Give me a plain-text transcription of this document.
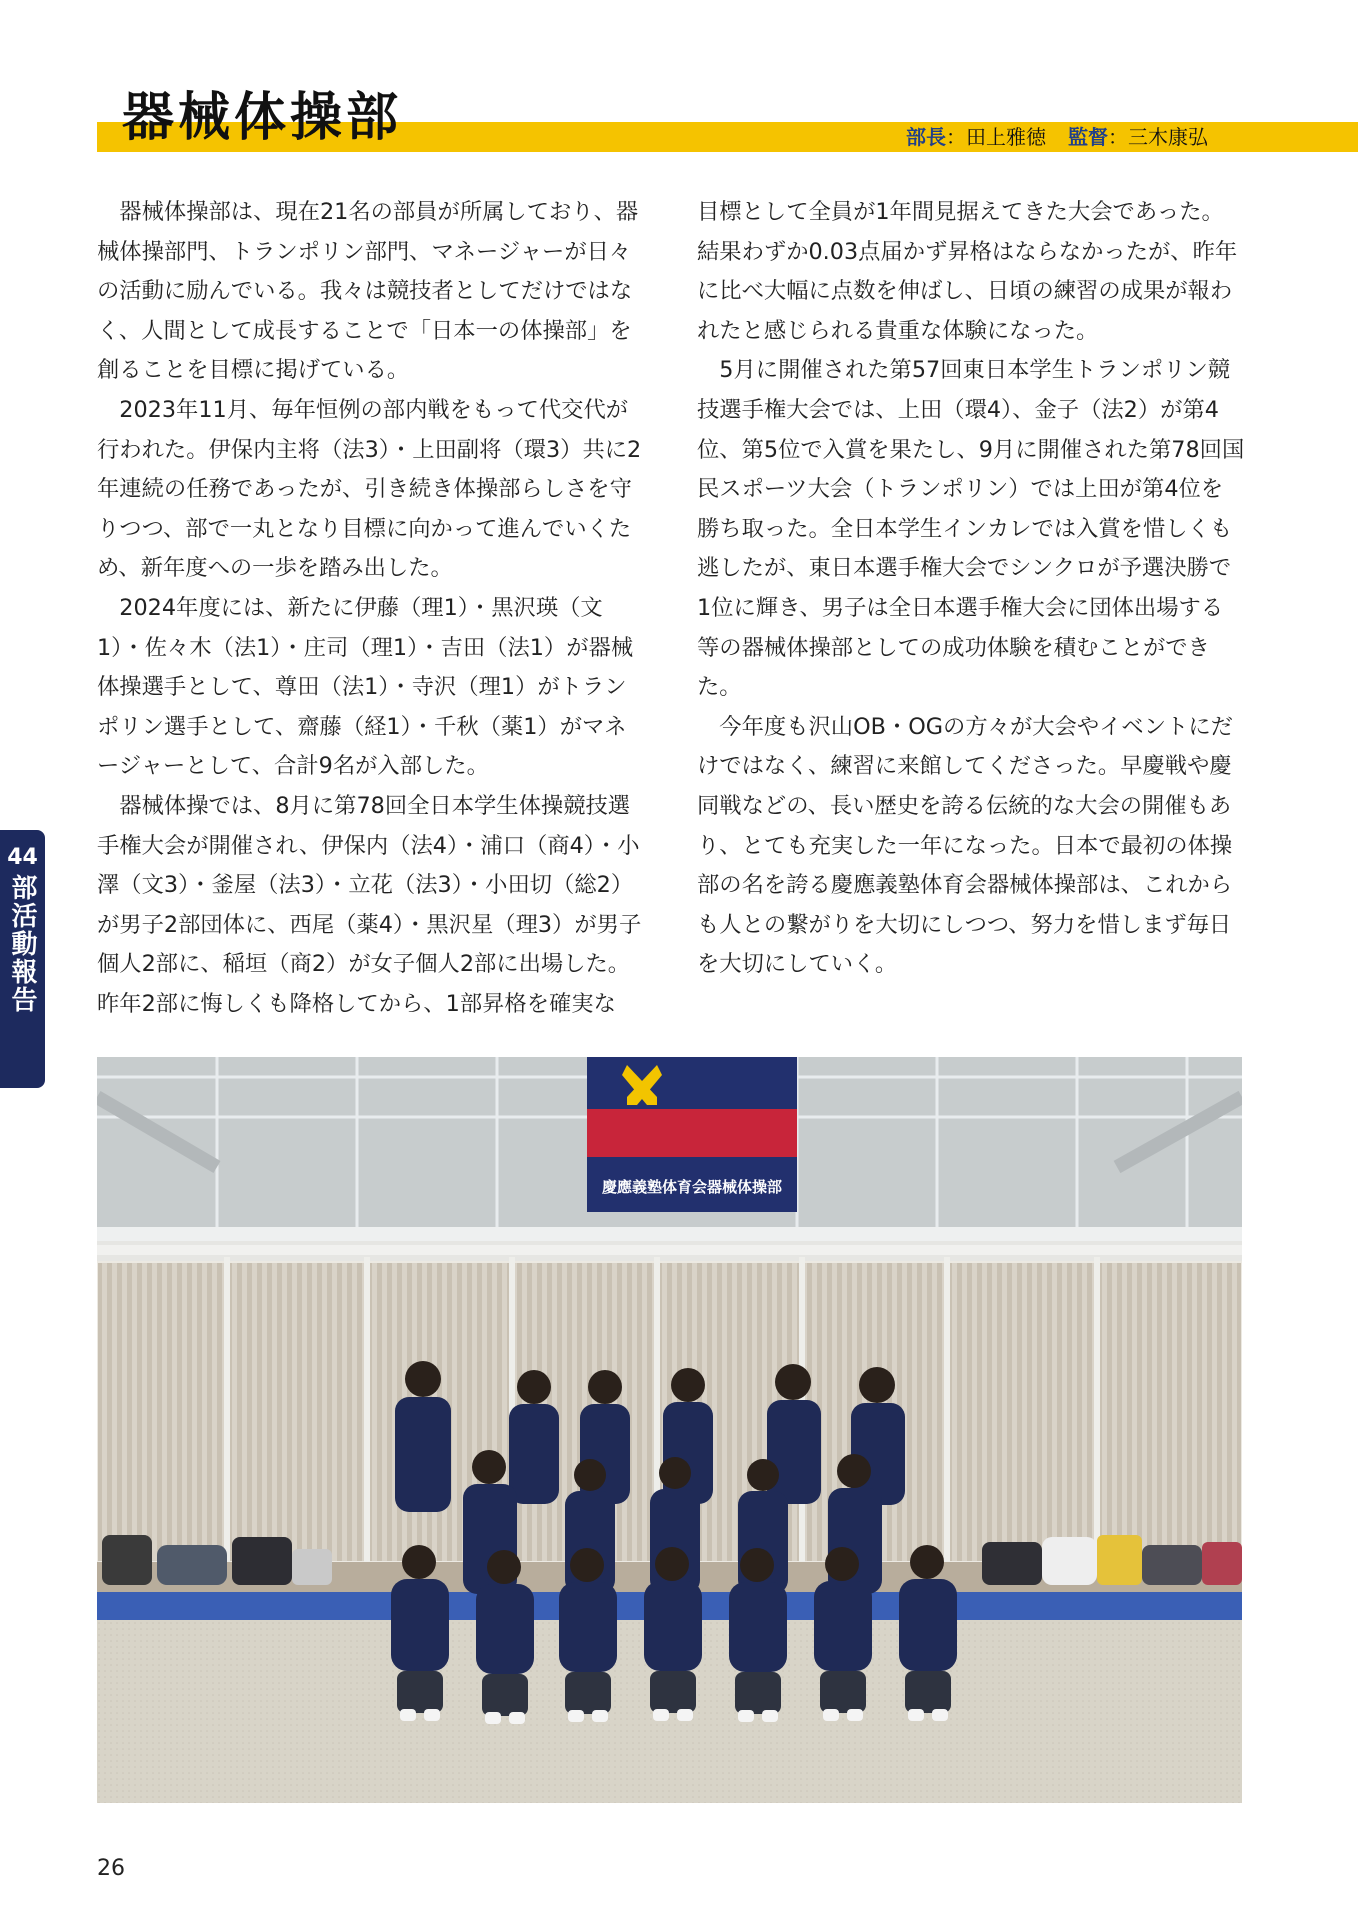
器械体操部	部長：田上雅徳 監督：三木康弘

器械体操部は、現在21名の部員が所属しており、器械体操部門、トランポリン部門、マネージャーが日々の活動に励んでいる。我々は競技者としてだけではなく、人間として成長することで「日本一の体操部」を創ることを目標に掲げている。

2023年11月、毎年恒例の部内戦をもって代交代が行われた。伊保内主将（法3）・上田副将（環3）共に2年連続の任務であったが、引き続き体操部らしさを守りつつ、部で一丸となり目標に向かって進んでいくため、新年度への一歩を踏み出した。

2024年度には、新たに伊藤（理1）・黒沢瑛（文1）・佐々木（法1）・庄司（理1）・吉田（法1）が器械体操選手として、尊田（法1）・寺沢（理1）がトランポリン選手として、齋藤（経1）・千秋（薬1）がマネージャーとして、合計9名が入部した。

器械体操では、8月に第78回全日本学生体操競技選手権大会が開催され、伊保内（法4）・浦口（商4）・小澤（文3）・釜屋（法3）・立花（法3）・小田切（総2）が男子2部団体に、西尾（薬4）・黒沢星（理3）が男子個人2部に、稲垣（商2）が女子個人2部に出場した。昨年2部に悔しくも降格してから、1部昇格を確実な

目標として全員が1年間見据えてきた大会であった。結果わずか0.03点届かず昇格はならなかったが、昨年に比べ大幅に点数を伸ばし、日頃の練習の成果が報われたと感じられる貴重な体験になった。

5月に開催された第57回東日本学生トランポリン競技選手権大会では、上田（環4）、金子（法2）が第4位、第5位で入賞を果たし、9月に開催された第78回国民スポーツ大会（トランポリン）では上田が第4位を勝ち取った。全日本学生インカレでは入賞を惜しくも逃したが、東日本選手権大会でシンクロが予選決勝で1位に輝き、男子は全日本選手権大会に団体出場する等の器械体操部としての成功体験を積むことができた。

今年度も沢山OB・OGの方々が大会やイベントにだけではなく、練習に来館してくださった。早慶戦や慶同戦などの、長い歴史を誇る伝統的な大会の開催もあり、とても充実した一年になった。日本で最初の体操部の名を誇る慶應義塾体育会器械体操部は、これからも人との繋がりを大切にしつつ、努力を惜しまず毎日を大切にしていく。

44
部活動報告
慶應義塾体育会器械体操部
26
